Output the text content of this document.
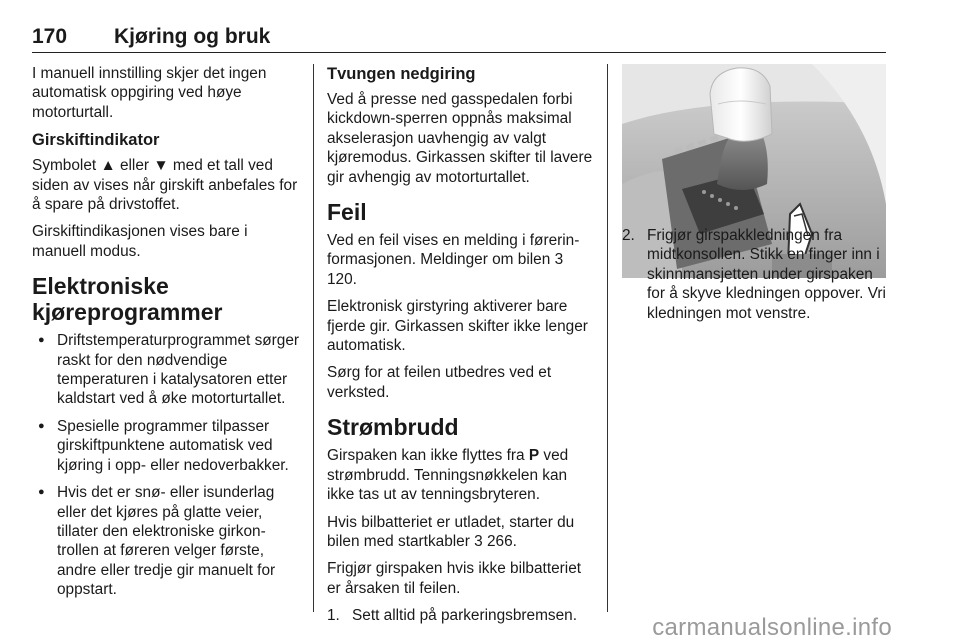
170 Kjøring og bruk

I manuell innstilling skjer det ingen automatisk oppgiring ved høye motorturtall.

Girskiftindikator

Symbolet ▲ eller ▼ med et tall ved siden av vises når girskift anbefales for å spare på drivstoffet.

Girskiftindikasjonen vises bare i manuell modus.

Elektroniske kjøreprogrammer
● Driftstemperaturprogrammet sørger raskt for den nødvendige temperaturen i katalysatoren etter kaldstart ved å øke motorturtallet.
● Spesielle programmer tilpasser girskiftpunktene automatisk ved kjøring i opp- eller nedoverbakker.
● Hvis det er snø- eller isunderlag eller det kjøres på glatte veier, tillater den elektroniske girkontrollen at føreren velger første, andre eller tredje gir manuelt for oppstart.
Tvungen nedgiring

Ved å presse ned gasspedalen forbi kickdown-sperren oppnås maksimal akselerasjon uavhengig av valgt kjøremodus. Girkassen skifter til lavere gir avhengig av motorturtallet.

Feil

Ved en feil vises en melding i førerinformasjonen. Meldinger om bilen 3 120.

Elektronisk girstyring aktiverer bare fjerde gir. Girkassen skifter ikke lenger automatisk.

Sørg for at feilen utbedres ved et verksted.

Strømbrudd

Girspaken kan ikke flyttes fra P ved strømbrudd. Tenningsnøkkelen kan ikke tas ut av tenningsbryteren.

Hvis bilbatteriet er utladet, starter du bilen med startkabler 3 266.

Frigjør girspaken hvis ikke bilbatteriet er årsaken til feilen.

1. Sett alltid på parkeringsbremsen.
2. Frigjør girspakkledningen fra midtkonsollen. Stikk en finger inn i skinnmansjetten under girspaken for å skyve kledningen oppover. Vri kledningen mot venstre.
carmanualsonline.info
